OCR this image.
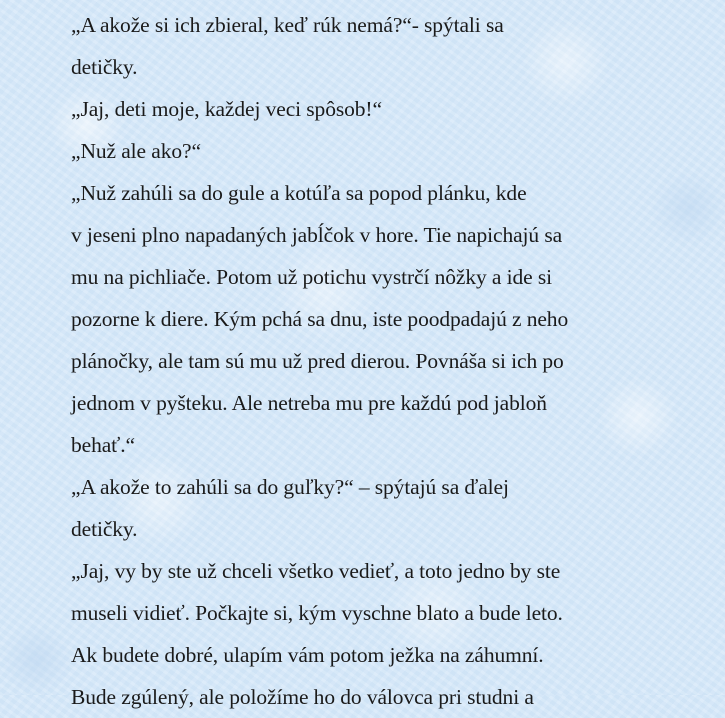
„A akože si ich zbieral, keď rúk nemá?“- spýtali sa
detičky.
„Jaj, deti moje, každej veci spôsob!“
„Nuž ale ako?“
„Nuž zahúli sa do gule a kotúľa sa popod plánku, kde
v jeseni plno napadaných jabĺčok v hore. Tie napichajú sa
mu na pichliače. Potom už potichu vystrčí nôžky a ide si
pozorne k diere. Kým pchá sa dnu, iste poodpadajú z neho
plánočky, ale tam sú mu už pred dierou. Povnáša si ich po
jednom v pyšteku. Ale netreba mu pre každú pod jabloň
behať.“
„A akože to zahúli sa do guľky?“ – spýtajú sa ďalej
detičky.
„Jaj, vy by ste už chceli všetko vedieť, a toto jedno by ste
museli vidieť. Počkajte si, kým vyschne blato a bude leto.
Ak budete dobré, ulapím vám potom ježka na záhumní.
Bude zgúlený, ale položíme ho do válovca pri studni a
